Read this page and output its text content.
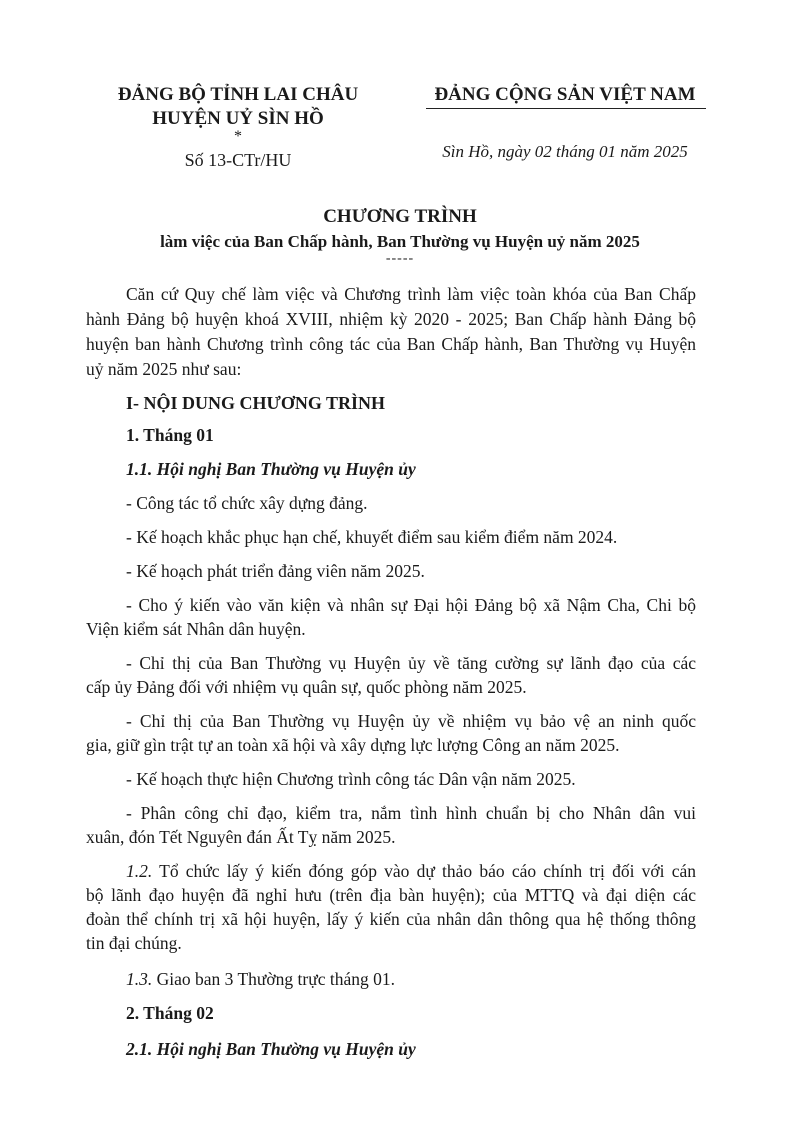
ĐẢNG BỘ TỈNH LAI CHÂU
HUYỆN UỶ SÌN HỒ
*
Số 13-CTr/HU
ĐẢNG CỘNG SẢN VIỆT NAM
Sìn Hồ, ngày 02 tháng 01 năm 2025
CHƯƠNG TRÌNH
làm việc của Ban Chấp hành, Ban Thường vụ Huyện uỷ năm 2025
-----
Căn cứ Quy chế làm việc và Chương trình làm việc toàn khóa của Ban Chấp
hành Đảng bộ huyện khoá XVIII, nhiệm kỳ 2020 - 2025; Ban Chấp hành Đảng bộ
huyện ban hành Chương trình công tác của Ban Chấp hành, Ban Thường vụ Huyện
uỷ năm 2025 như sau:
I- NỘI DUNG CHƯƠNG TRÌNH
1. Tháng 01
1.1. Hội nghị Ban Thường vụ Huyện ủy
- Công tác tổ chức xây dựng đảng.
- Kế hoạch khắc phục hạn chế, khuyết điểm sau kiểm điểm năm 2024.
- Kế hoạch phát triển đảng viên năm 2025.
- Cho ý kiến vào văn kiện và nhân sự Đại hội Đảng bộ xã Nậm Cha, Chi bộ
Viện kiểm sát Nhân dân huyện.
- Chỉ thị của Ban Thường vụ Huyện ủy về tăng cường sự lãnh đạo của các
cấp ủy Đảng đối với nhiệm vụ quân sự, quốc phòng năm 2025.
- Chỉ thị của Ban Thường vụ Huyện ủy về nhiệm vụ bảo vệ an ninh quốc
gia, giữ gìn trật tự an toàn xã hội và xây dựng lực lượng Công an năm 2025.
- Kế hoạch thực hiện Chương trình công tác Dân vận năm 2025.
- Phân công chỉ đạo, kiểm tra, nắm tình hình chuẩn bị cho Nhân dân vui
xuân, đón Tết Nguyên đán Ất Tỵ năm 2025.
1.2. Tổ chức lấy ý kiến đóng góp vào dự thảo báo cáo chính trị đối với cán
bộ lãnh đạo huyện đã nghỉ hưu (trên địa bàn huyện); của MTTQ và đại diện các
đoàn thể chính trị xã hội huyện, lấy ý kiến của nhân dân thông qua hệ thống thông
tin đại chúng.
1.3. Giao ban 3 Thường trực tháng 01.
2. Tháng 02
2.1. Hội nghị Ban Thường vụ Huyện ủy
